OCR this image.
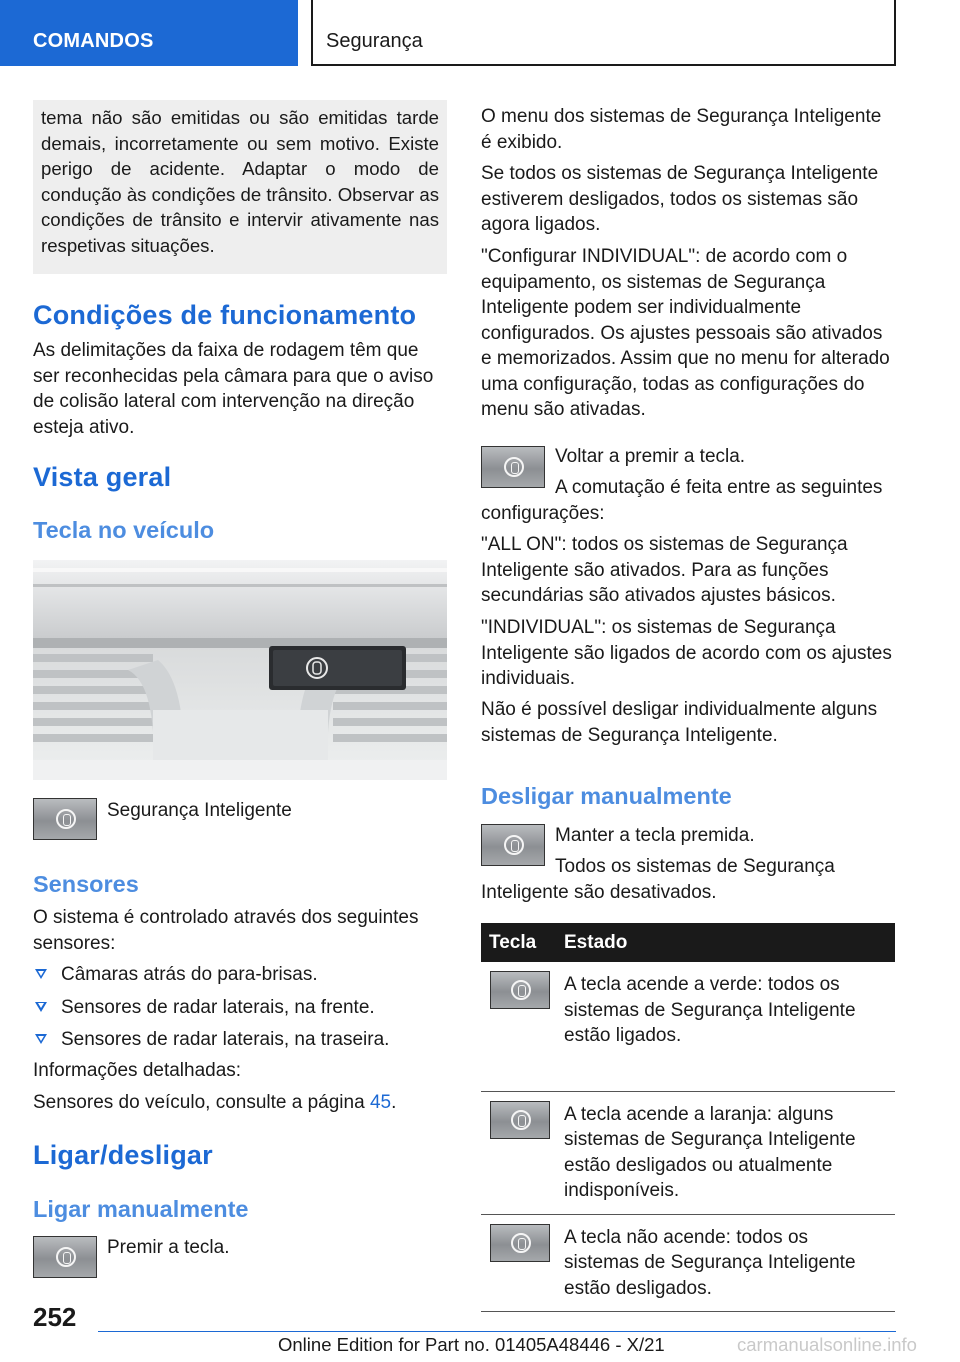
COMANDOS	Segurança

tema não são emitidas ou são emitidas tarde demais, incorretamente ou sem motivo. Existe perigo de acidente. Adaptar o modo de condução às condições de trânsito. Observar as condições de trânsito e intervir ativamente nas respetivas situações.

Condições de funcionamento

As delimitações da faixa de rodagem têm que ser reconhecidas pela câmara para que o aviso de colisão lateral com intervenção na direção esteja ativo.

Vista geral
Tecla no veículo

Segurança Inteligente

Sensores

O sistema é controlado através dos seguintes sensores:

Câmaras atrás do para-brisas.
Sensores de radar laterais, na frente.
Sensores de radar laterais, na traseira.

Informações detalhadas:

Sensores do veículo, consulte a página 45.

Ligar/desligar
Ligar manualmente

Premir a tecla.

O menu dos sistemas de Segurança Inteligente é exibido.

Se todos os sistemas de Segurança Inteligente estiverem desligados, todos os sistemas são agora ligados.

"Configurar INDIVIDUAL": de acordo com o equipamento, os sistemas de Segurança Inteligente podem ser individualmente configurados. Os ajustes pessoais são ativados e memorizados. Assim que no menu for alterado uma configuração, todas as configurações do menu são ativadas.

Voltar a premir a tecla.

A comutação é feita entre as seguintes configurações:

"ALL ON": todos os sistemas de Segurança Inteligente são ativados. Para as funções secundárias são ativados ajustes básicos.

"INDIVIDUAL": os sistemas de Segurança Inteligente são ligados de acordo com os ajustes individuais.

Não é possível desligar individualmente alguns sistemas de Segurança Inteligente.

Desligar manualmente

Manter a tecla premida.

Todos os sistemas de Segurança Inteligente são desativados.

Tecla	Estado

	A tecla acende a verde: todos os sistemas de Segurança Inteligente estão ligados.

	A tecla acende a laranja: alguns sistemas de Segurança Inteligente estão desligados ou atualmente indisponíveis.

	A tecla não acende: todos os sistemas de Segurança Inteligente estão desligados.
252
Online Edition for Part no. 01405A48446 - X/21	carmanualsonline.info
